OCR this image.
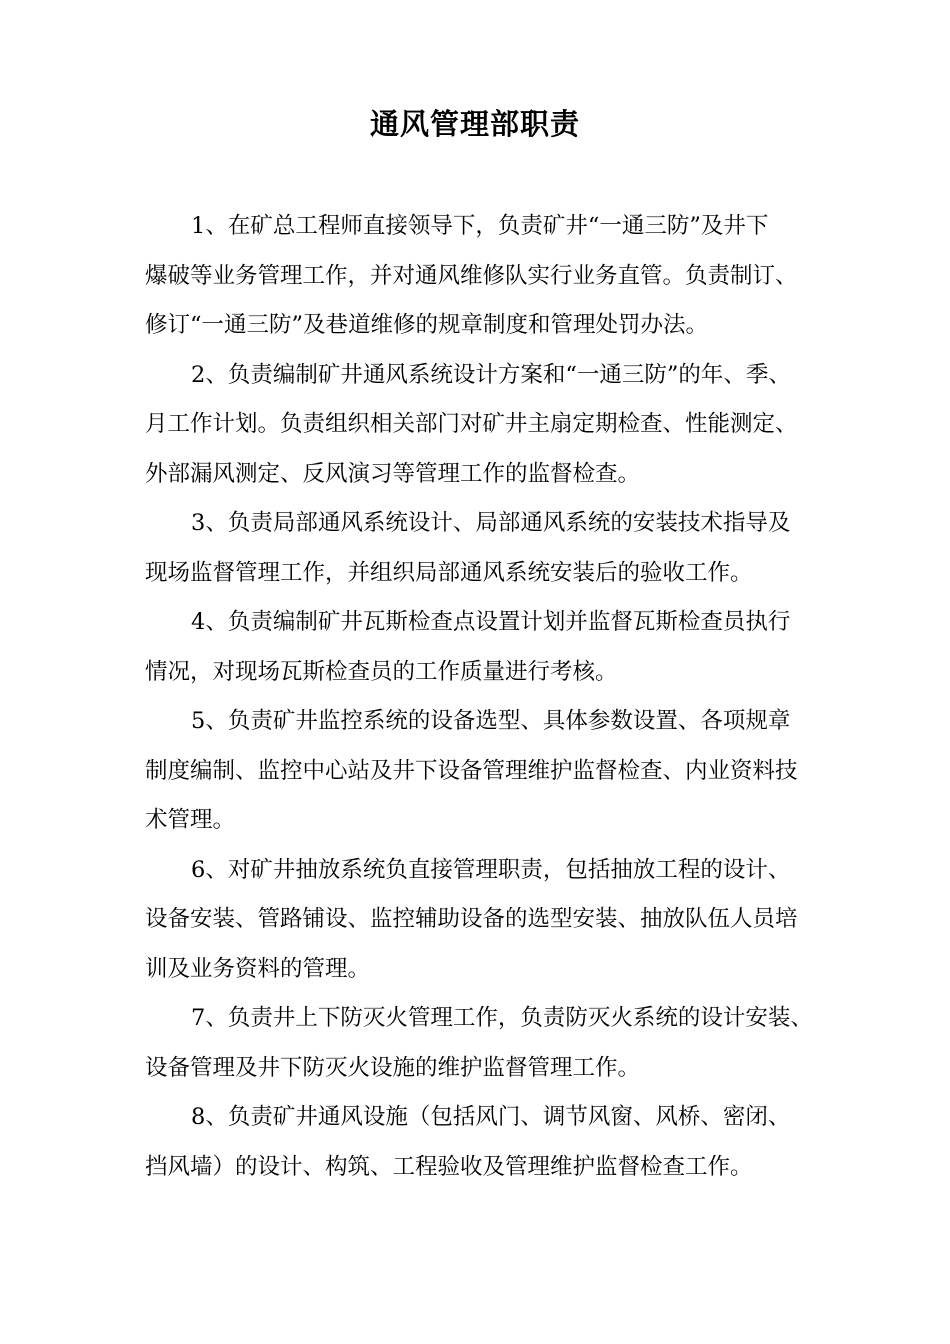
通风管理部职责

1、在矿总工程师直接领导下，负责矿井“一通三防”及井下
爆破等业务管理工作，并对通风维修队实行业务直管。负责制订、
修订“一通三防”及巷道维修的规章制度和管理处罚办法。

2、负责编制矿井通风系统设计方案和“一通三防”的年、季、
月工作计划。负责组织相关部门对矿井主扇定期检查、性能测定、
外部漏风测定、反风演习等管理工作的监督检查。

3、负责局部通风系统设计、局部通风系统的安装技术指导及
现场监督管理工作，并组织局部通风系统安装后的验收工作。

4、负责编制矿井瓦斯检查点设置计划并监督瓦斯检查员执行
情况，对现场瓦斯检查员的工作质量进行考核。

5、负责矿井监控系统的设备选型、具体参数设置、各项规章
制度编制、监控中心站及井下设备管理维护监督检查、内业资料技
术管理。

6、对矿井抽放系统负直接管理职责，包括抽放工程的设计、
设备安装、管路铺设、监控辅助设备的选型安装、抽放队伍人员培
训及业务资料的管理。

7、负责井上下防灭火管理工作，负责防灭火系统的设计安装、
设备管理及井下防灭火设施的维护监督管理工作。

8、负责矿井通风设施（包括风门、调节风窗、风桥、密闭、
挡风墙）的设计、构筑、工程验收及管理维护监督检查工作。
